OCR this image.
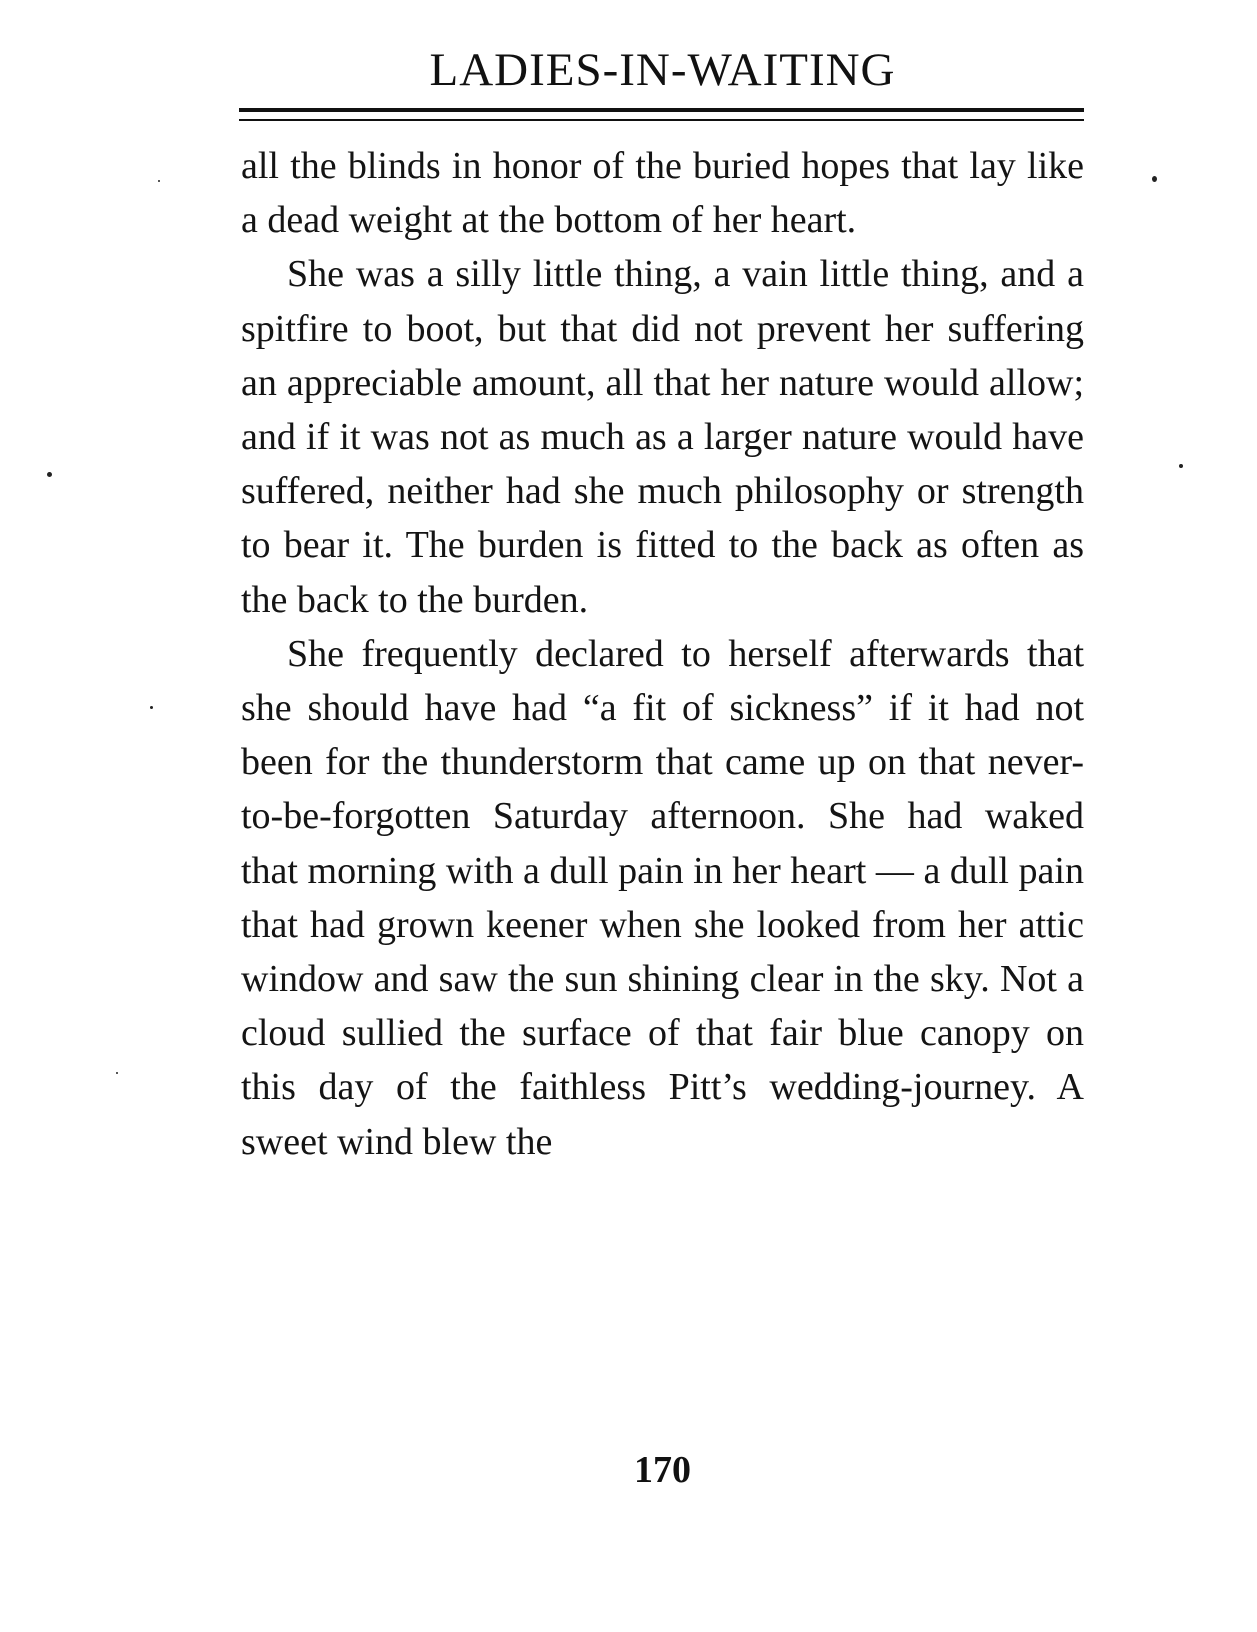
LADIES-IN-WAITING

all the blinds in honor of the buried hopes that lay like a dead weight at the bottom of her heart.

She was a silly little thing, a vain little thing, and a spitfire to boot, but that did not prevent her suffering an appreciable amount, all that her nature would allow; and if it was not as much as a larger nature would have suffered, neither had she much philosophy or strength to bear it. The burden is fitted to the back as often as the back to the burden.

She frequently declared to herself afterwards that she should have had “a fit of sickness” if it had not been for the thunderstorm that came up on that never-to-be-forgotten Saturday afternoon. She had waked that morning with a dull pain in her heart — a dull pain that had grown keener when she looked from her attic window and saw the sun shining clear in the sky. Not a cloud sullied the surface of that fair blue canopy on this day of the faithless Pitt’s wedding-journey. A sweet wind blew the

170
